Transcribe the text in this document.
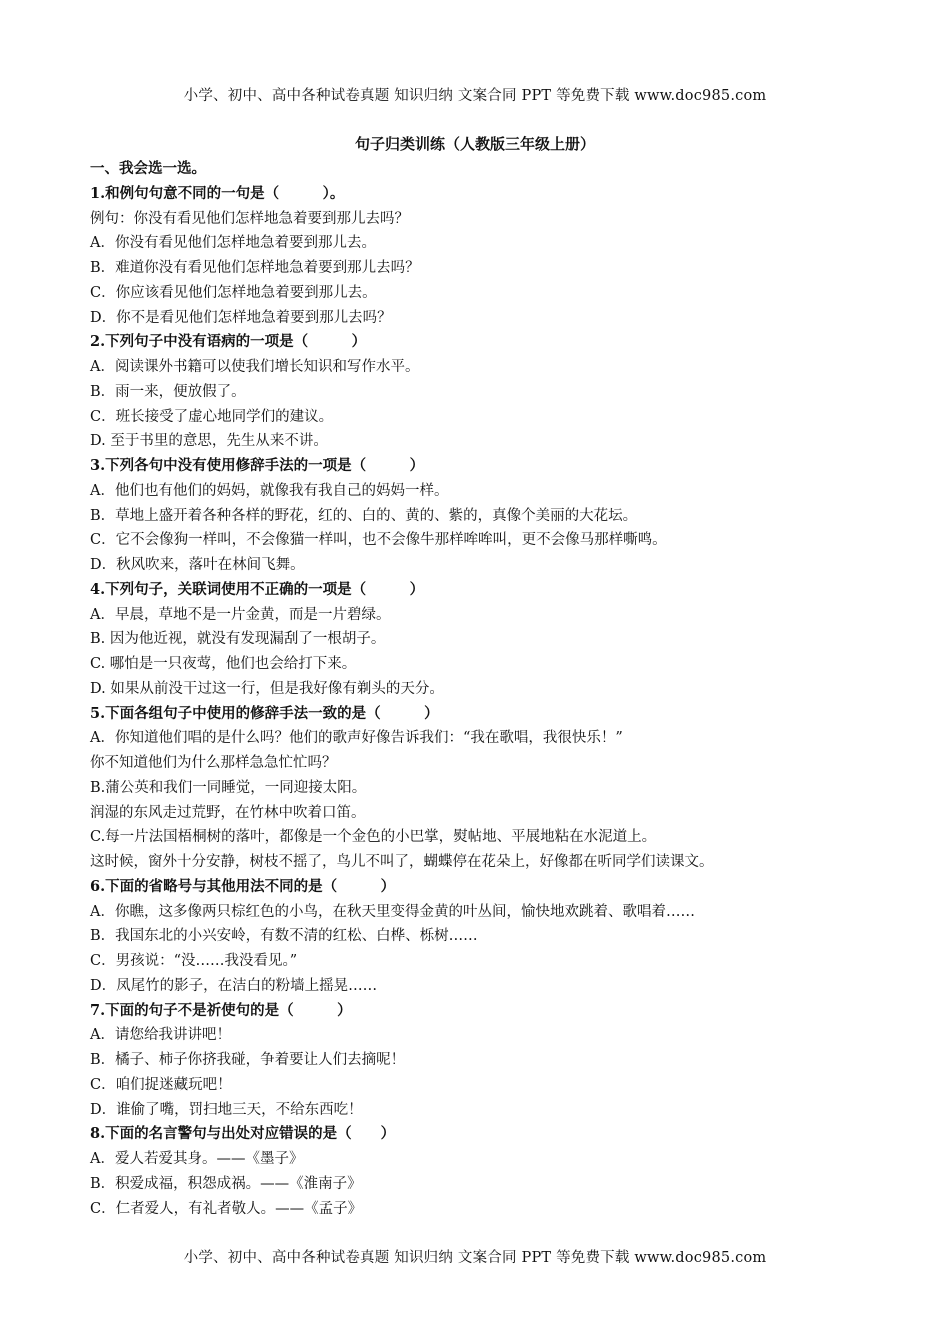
小学、初中、高中各种试卷真题 知识归纳 文案合同 PPT 等免费下载 www.doc985.com
句子归类训练（人教版三年级上册）
一、我会选一选。
1.和例句句意不同的一句是（　　　）。
例句：你没有看见他们怎样地急着要到那儿去吗？
A．你没有看见他们怎样地急着要到那儿去。
B．难道你没有看见他们怎样地急着要到那儿去吗？
C．你应该看见他们怎样地急着要到那儿去。
D．你不是看见他们怎样地急着要到那儿去吗？
2.下列句子中没有语病的一项是（　　　）
A．阅读课外书籍可以使我们增长知识和写作水平。
B．雨一来，便放假了。
C．班长接受了虚心地同学们的建议。
D. 至于书里的意思，先生从来不讲。
3.下列各句中没有使用修辞手法的一项是（　　　）
A．他们也有他们的妈妈，就像我有我自己的妈妈一样。
B．草地上盛开着各种各样的野花，红的、白的、黄的、紫的，真像个美丽的大花坛。
C．它不会像狗一样叫，不会像猫一样叫，也不会像牛那样哞哞叫，更不会像马那样嘶鸣。
D．秋风吹来，落叶在林间飞舞。
4.下列句子，关联词使用不正确的一项是（　　　）
A．早晨，草地不是一片金黄，而是一片碧绿。
B. 因为他近视，就没有发现漏刮了一根胡子。
C. 哪怕是一只夜莺，他们也会给打下来。
D. 如果从前没干过这一行，但是我好像有剃头的天分。
5.下面各组句子中使用的修辞手法一致的是（　　　）
A．你知道他们唱的是什么吗？他们的歌声好像告诉我们：“我在歌唱，我很快乐！”
你不知道他们为什么那样急急忙忙吗？
B.蒲公英和我们一同睡觉，一同迎接太阳。
润湿的东风走过荒野，在竹林中吹着口笛。
C.每一片法国梧桐树的落叶，都像是一个金色的小巴掌，熨帖地、平展地粘在水泥道上。
这时候，窗外十分安静，树枝不摇了，鸟儿不叫了，蝴蝶停在花朵上，好像都在听同学们读课文。
6.下面的省略号与其他用法不同的是（　　　）
A．你瞧，这多像两只棕红色的小鸟，在秋天里变得金黄的叶丛间，愉快地欢跳着、歌唱着……
B．我国东北的小兴安岭，有数不清的红松、白桦、栎树……
C．男孩说：“没……我没看见。”
D．凤尾竹的影子，在洁白的粉墙上摇晃……
7.下面的句子不是祈使句的是（　　　）
A．请您给我讲讲吧！
B．橘子、柿子你挤我碰，争着要让人们去摘呢！
C．咱们捉迷藏玩吧！
D．谁偷了嘴，罚扫地三天，不给东西吃！
8.下面的名言警句与出处对应错误的是（　　）
A．爱人若爱其身。——《墨子》
B．积爱成福，积怨成祸。——《淮南子》
C．仁者爱人，有礼者敬人。——《孟子》
小学、初中、高中各种试卷真题 知识归纳 文案合同 PPT 等免费下载 www.doc985.com
